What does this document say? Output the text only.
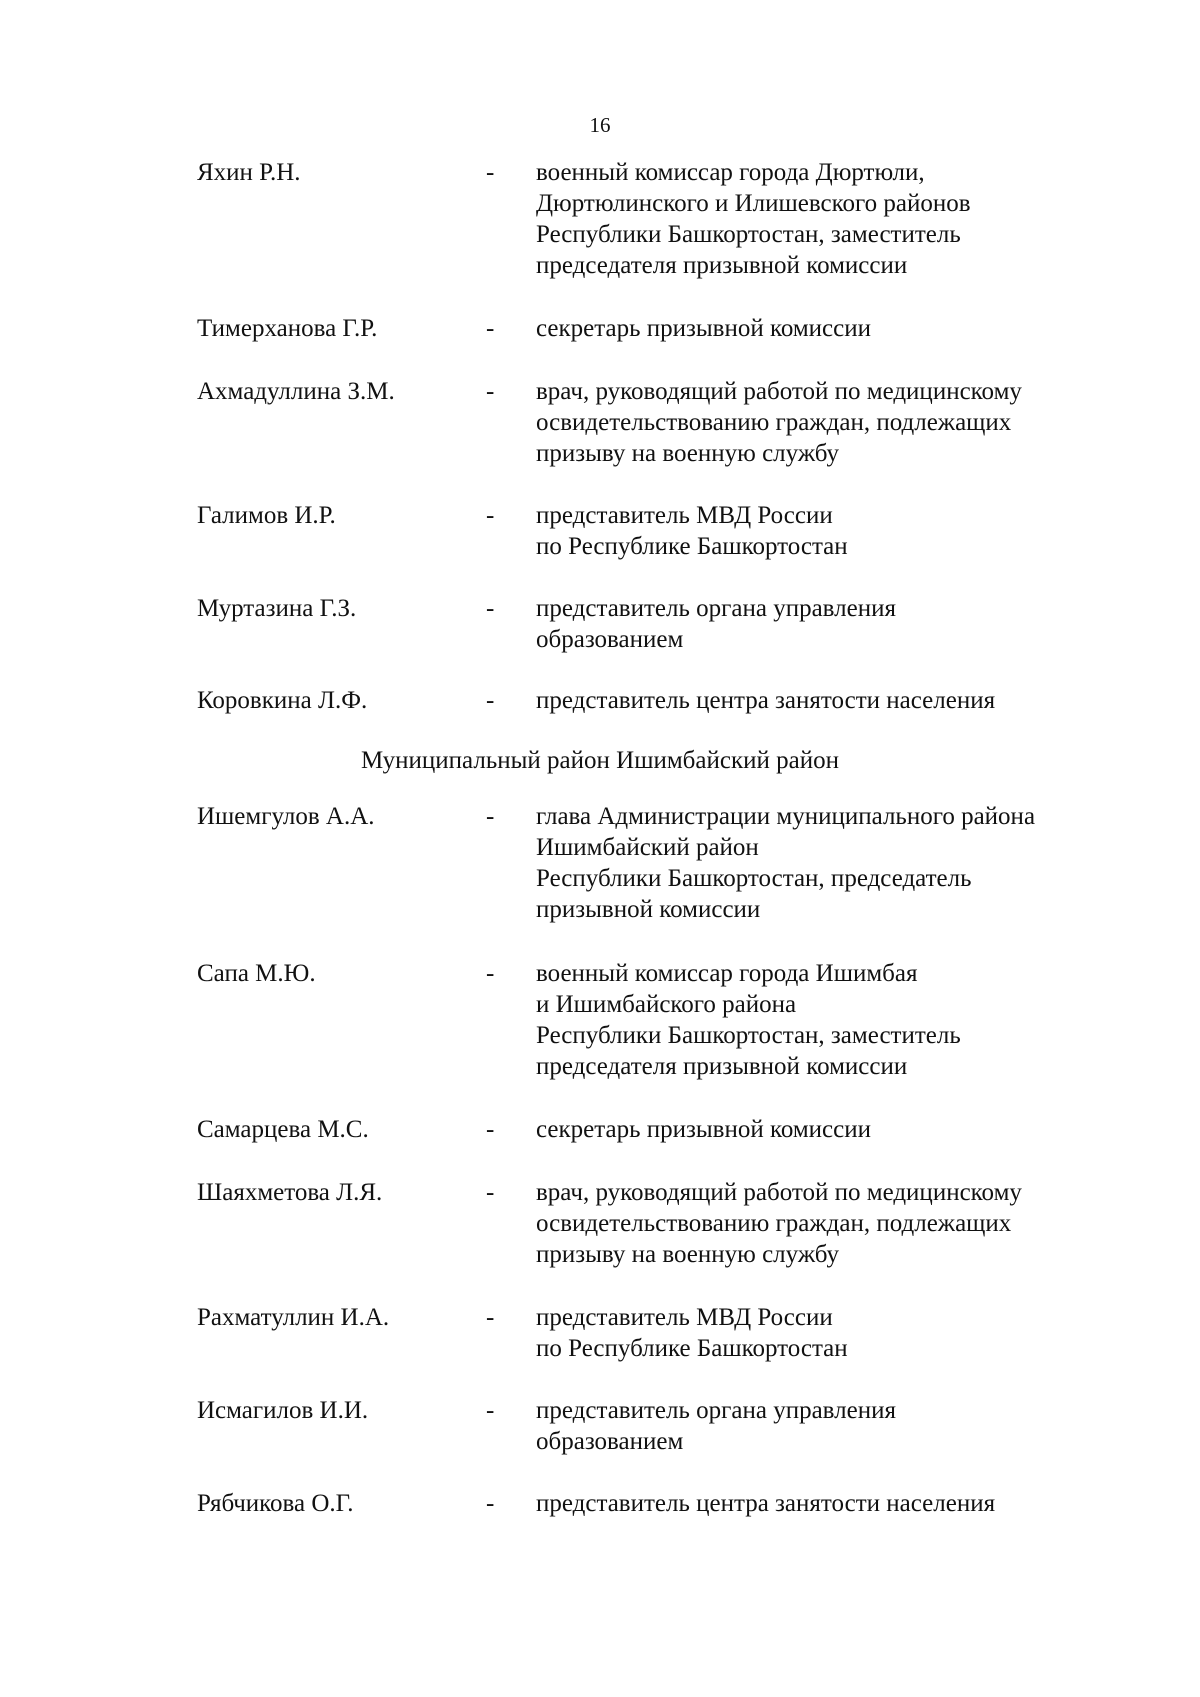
16
Яхин Р.Н.	- военный комиссар города Дюртюли,
Дюртюлинского и Илишевского районов
Республики Башкортостан, заместитель
председателя призывной комиссии
Тимерханова Г.Р.	- секретарь призывной комиссии
Ахмадуллина З.М.	- врач, руководящий работой по медицинскому
освидетельствованию граждан, подлежащих
призыву на военную службу
Галимов И.Р.	- представитель МВД России
по Республике Башкортостан
Муртазина Г.З.	- представитель органа управления
образованием
Коровкина Л.Ф.	- представитель центра занятости населения
Муниципальный район Ишимбайский район
Ишемгулов А.А.	- глава Администрации муниципального района
Ишимбайский район
Республики Башкортостан, председатель
призывной комиссии
Сапа М.Ю.	- военный комиссар города Ишимбая
и Ишимбайского района
Республики Башкортостан, заместитель
председателя призывной комиссии
Самарцева М.С.	- секретарь призывной комиссии
Шаяхметова Л.Я.	- врач, руководящий работой по медицинскому
освидетельствованию граждан, подлежащих
призыву на военную службу
Рахматуллин И.А.	- представитель МВД России
по Республике Башкортостан
Исмагилов И.И.	- представитель органа управления
образованием
Рябчикова О.Г.	- представитель центра занятости населения
